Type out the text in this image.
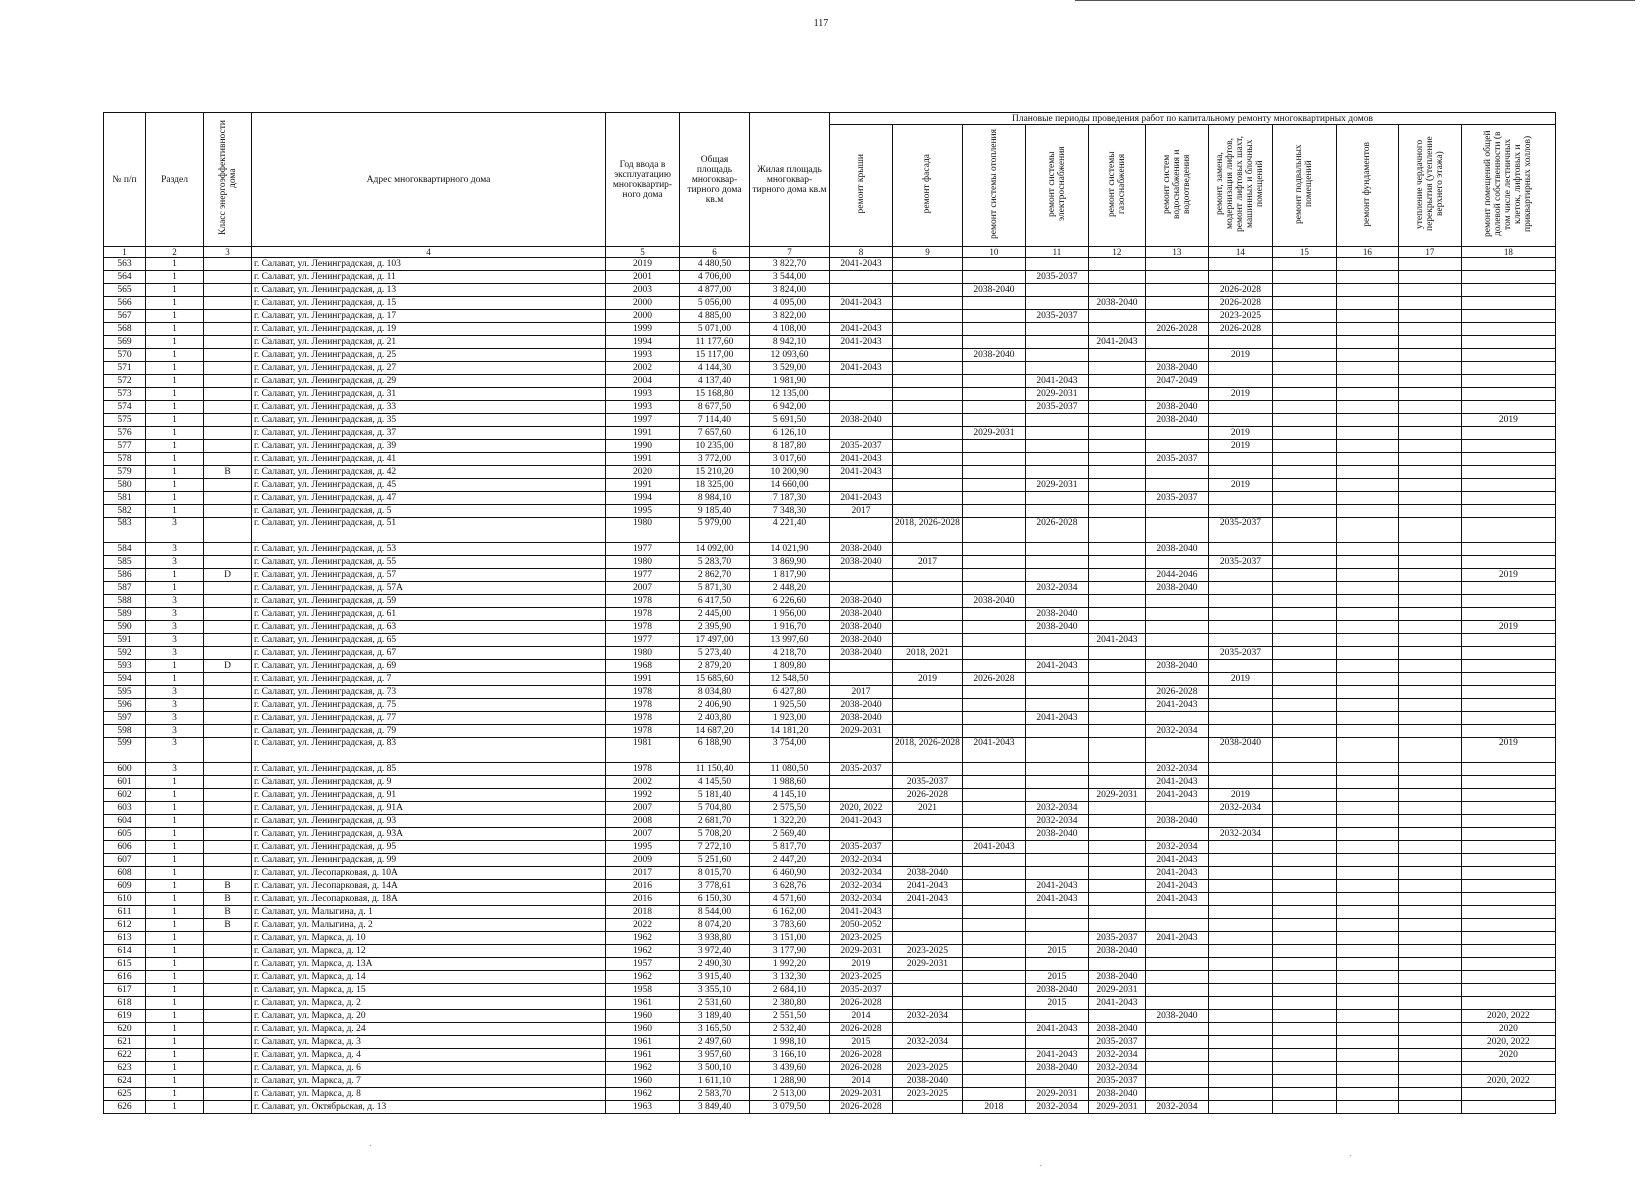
117
№ п/п	Раздел	Класс энергоэффективности дома	Адрес многоквартирного дома	Год ввода в эксплуатацию многоквартир- ного дома	Общая площадь многоквар- тирного дома кв.м	Жилая площадь многоквар- тирного дома кв.м	Плановые периоды проведения работ по капитальному ремонту многоквартирных домов										
							ремонт крыши	ремонт фасада	ремонт системы отопления	ремонт системы электроснабжения	ремонт системы газоснабжения	ремонт систем водоснабжения и водоотведения	ремонт, замена, модернизация лифтов, ремонт лифтовых шахт, машинных и блочных помещений	ремонт подвальных помещений	ремонт фундаментов	утепление чердачного перекрытия (утепление верхнего этажа)	ремонт помещений общей долевой собственности (в том числе лестничных клеток, лифтовых и приквартирных холлов)
1	2	3	4	5	6	7	8	9	10	11	12	13	14	15	16	17	18
563	1		г. Салават, ул. Ленинградская, д. 103	2019	4 480,50	3 822,70	2041-2043										
564	1		г. Салават, ул. Ленинградская, д. 11	2001	4 706,00	3 544,00				2035-2037							
565	1		г. Салават, ул. Ленинградская, д. 13	2003	4 877,00	3 824,00			2038-2040				2026-2028				
566	1		г. Салават, ул. Ленинградская, д. 15	2000	5 056,00	4 095,00	2041-2043				2038-2040		2026-2028				
567	1		г. Салават, ул. Ленинградская, д. 17	2000	4 885,00	3 822,00				2035-2037			2023-2025				
568	1		г. Салават, ул. Ленинградская, д. 19	1999	5 071,00	4 108,00	2041-2043					2026-2028	2026-2028				
569	1		г. Салават, ул. Ленинградская, д. 21	1994	11 177,60	8 942,10	2041-2043				2041-2043						
570	1		г. Салават, ул. Ленинградская, д. 25	1993	15 117,00	12 093,60			2038-2040				2019				
571	1		г. Салават, ул. Ленинградская, д. 27	2002	4 144,30	3 529,00	2041-2043					2038-2040					
572	1		г. Салават, ул. Ленинградская, д. 29	2004	4 137,40	1 981,90				2041-2043		2047-2049					
573	1		г. Салават, ул. Ленинградская, д. 31	1993	15 168,80	12 135,00				2029-2031			2019				
574	1		г. Салават, ул. Ленинградская, д. 33	1993	8 677,50	6 942,00				2035-2037		2038-2040					
575	1		г. Салават, ул. Ленинградская, д. 35	1997	7 114,40	5 691,50	2038-2040					2038-2040					2019
576	1		г. Салават, ул. Ленинградская, д. 37	1991	7 657,60	6 126,10			2029-2031				2019				
577	1		г. Салават, ул. Ленинградская, д. 39	1990	10 235,00	8 187,80	2035-2037						2019				
578	1		г. Салават, ул. Ленинградская, д. 41	1991	3 772,00	3 017,60	2041-2043					2035-2037					
579	1	B	г. Салават, ул. Ленинградская, д. 42	2020	15 210,20	10 200,90	2041-2043										
580	1		г. Салават, ул. Ленинградская, д. 45	1991	18 325,00	14 660,00				2029-2031			2019				
581	1		г. Салават, ул. Ленинградская, д. 47	1994	8 984,10	7 187,30	2041-2043					2035-2037					
582	1		г. Салават, ул. Ленинградская, д. 5	1995	9 185,40	7 348,30	2017										
583	3		г. Салават, ул. Ленинградская, д. 51	1980	5 979,00	4 221,40		2018, 2026-2028		2026-2028			2035-2037				
584	3		г. Салават, ул. Ленинградская, д. 53	1977	14 092,00	14 021,90	2038-2040					2038-2040					
585	3		г. Салават, ул. Ленинградская, д. 55	1980	5 283,70	3 869,90	2038-2040	2017					2035-2037				
586	1	D	г. Салават, ул. Ленинградская, д. 57	1977	2 862,70	1 817,90						2044-2046					2019
587	1		г. Салават, ул. Ленинградская, д. 57А	2007	5 871,30	2 448,20				2032-2034		2038-2040					
588	3		г. Салават, ул. Ленинградская, д. 59	1978	6 417,50	6 226,60	2038-2040		2038-2040								
589	3		г. Салават, ул. Ленинградская, д. 61	1978	2 445,00	1 956,00	2038-2040			2038-2040							
590	3		г. Салават, ул. Ленинградская, д. 63	1978	2 395,90	1 916,70	2038-2040			2038-2040							2019
591	3		г. Салават, ул. Ленинградская, д. 65	1977	17 497,00	13 997,60	2038-2040				2041-2043						
592	3		г. Салават, ул. Ленинградская, д. 67	1980	5 273,40	4 218,70	2038-2040	2018, 2021					2035-2037				
593	1	D	г. Салават, ул. Ленинградская, д. 69	1968	2 879,20	1 809,80				2041-2043		2038-2040					
594	1		г. Салават, ул. Ленинградская, д. 7	1991	15 685,60	12 548,50		2019	2026-2028				2019				
595	3		г. Салават, ул. Ленинградская, д. 73	1978	8 034,80	6 427,80	2017					2026-2028					
596	3		г. Салават, ул. Ленинградская, д. 75	1978	2 406,90	1 925,50	2038-2040					2041-2043					
597	3		г. Салават, ул. Ленинградская, д. 77	1978	2 403,80	1 923,00	2038-2040			2041-2043							
598	3		г. Салават, ул. Ленинградская, д. 79	1978	14 687,20	14 181,20	2029-2031					2032-2034					
599	3		г. Салават, ул. Ленинградская, д. 83	1981	6 188,90	3 754,00		2018, 2026-2028	2041-2043				2038-2040				2019
600	3		г. Салават, ул. Ленинградская, д. 85	1978	11 150,40	11 080,50	2035-2037					2032-2034					
601	1		г. Салават, ул. Ленинградская, д. 9	2002	4 145,50	1 988,60		2035-2037				2041-2043					
602	1		г. Салават, ул. Ленинградская, д. 91	1992	5 181,40	4 145,10		2026-2028			2029-2031	2041-2043	2019				
603	1		г. Салават, ул. Ленинградская, д. 91А	2007	5 704,80	2 575,50	2020, 2022	2021		2032-2034			2032-2034				
604	1		г. Салават, ул. Ленинградская, д. 93	2008	2 681,70	1 322,20	2041-2043			2032-2034		2038-2040					
605	1		г. Салават, ул. Ленинградская, д. 93А	2007	5 708,20	2 569,40				2038-2040			2032-2034				
606	1		г. Салават, ул. Ленинградская, д. 95	1995	7 272,10	5 817,70	2035-2037		2041-2043			2032-2034					
607	1		г. Салават, ул. Ленинградская, д. 99	2009	5 251,60	2 447,20	2032-2034					2041-2043					
608	1		г. Салават, ул. Лесопарковая, д. 10А	2017	8 015,70	6 460,90	2032-2034	2038-2040				2041-2043					
609	1	B	г. Салават, ул. Лесопарковая, д. 14А	2016	3 778,61	3 628,76	2032-2034	2041-2043		2041-2043		2041-2043					
610	1	B	г. Салават, ул. Лесопарковая, д. 18А	2016	6 150,30	4 571,60	2032-2034	2041-2043		2041-2043		2041-2043					
611	1	B	г. Салават, ул. Малыгина, д. 1	2018	8 544,00	6 162,00	2041-2043										
612	1	B	г. Салават, ул. Малыгина, д. 2	2022	8 074,20	3 783,60	2050-2052										
613	1		г. Салават, ул. Маркса, д. 10	1962	3 938,80	3 151,00	2023-2025				2035-2037	2041-2043					
614	1		г. Салават, ул. Маркса, д. 12	1962	3 972,40	3 177,90	2029-2031	2023-2025		2015	2038-2040						
615	1		г. Салават, ул. Маркса, д. 13А	1957	2 490,30	1 992,20	2019	2029-2031									
616	1		г. Салават, ул. Маркса, д. 14	1962	3 915,40	3 132,30	2023-2025			2015	2038-2040						
617	1		г. Салават, ул. Маркса, д. 15	1958	3 355,10	2 684,10	2035-2037			2038-2040	2029-2031						
618	1		г. Салават, ул. Маркса, д. 2	1961	2 531,60	2 380,80	2026-2028			2015	2041-2043						
619	1		г. Салават, ул. Маркса, д. 20	1960	3 189,40	2 551,50	2014	2032-2034				2038-2040					2020, 2022
620	1		г. Салават, ул. Маркса, д. 24	1960	3 165,50	2 532,40	2026-2028			2041-2043	2038-2040						2020
621	1		г. Салават, ул. Маркса, д. 3	1961	2 497,60	1 998,10	2015	2032-2034			2035-2037						2020, 2022
622	1		г. Салават, ул. Маркса, д. 4	1961	3 957,60	3 166,10	2026-2028			2041-2043	2032-2034						2020
623	1		г. Салават, ул. Маркса, д. 6	1962	3 500,10	3 439,60	2026-2028	2023-2025		2038-2040	2032-2034						
624	1		г. Салават, ул. Маркса, д. 7	1960	1 611,10	1 288,90	2014	2038-2040			2035-2037						2020, 2022
625	1		г. Салават, ул. Маркса, д. 8	1962	2 583,70	2 513,00	2029-2031	2023-2025		2029-2031	2038-2040						
626	1		г. Салават, ул. Октябрьская, д. 13	1963	3 849,40	3 079,50	2026-2028		2018	2032-2034	2029-2031	2032-2034					
